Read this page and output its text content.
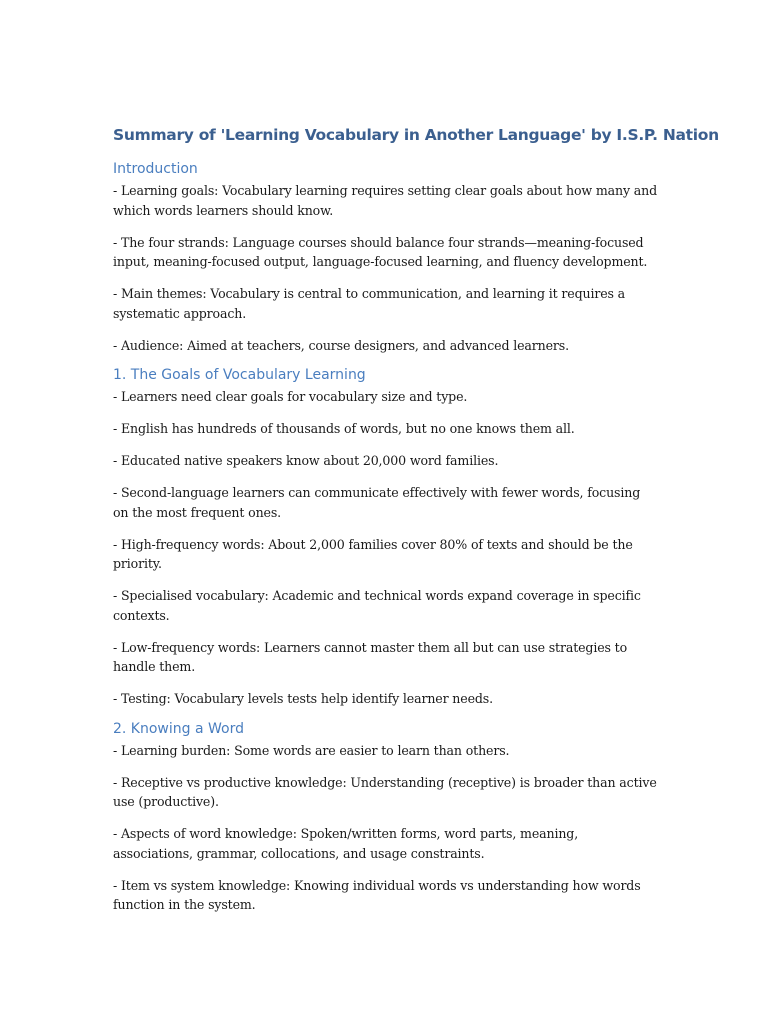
Summary of 'Learning Vocabulary in Another Language' by I.S.P. Nation
Introduction

- Learning goals: Vocabulary learning requires setting clear goals about how many and which words learners should know.

- The four strands: Language courses should balance four strands—meaning-focused input, meaning-focused output, language-focused learning, and fluency development.

- Main themes: Vocabulary is central to communication, and learning it requires a systematic approach.

- Audience: Aimed at teachers, course designers, and advanced learners.

1. The Goals of Vocabulary Learning

- Learners need clear goals for vocabulary size and type.

- English has hundreds of thousands of words, but no one knows them all.

- Educated native speakers know about 20,000 word families.

- Second-language learners can communicate effectively with fewer words, focusing on the most frequent ones.

- High-frequency words: About 2,000 families cover 80% of texts and should be the priority.

- Specialised vocabulary: Academic and technical words expand coverage in specific contexts.

- Low-frequency words: Learners cannot master them all but can use strategies to handle them.

- Testing: Vocabulary levels tests help identify learner needs.

2. Knowing a Word

- Learning burden: Some words are easier to learn than others.

- Receptive vs productive knowledge: Understanding (receptive) is broader than active use (productive).

- Aspects of word knowledge: Spoken/written forms, word parts, meaning, associations, grammar, collocations, and usage constraints.

- Item vs system knowledge: Knowing individual words vs understanding how words function in the system.
